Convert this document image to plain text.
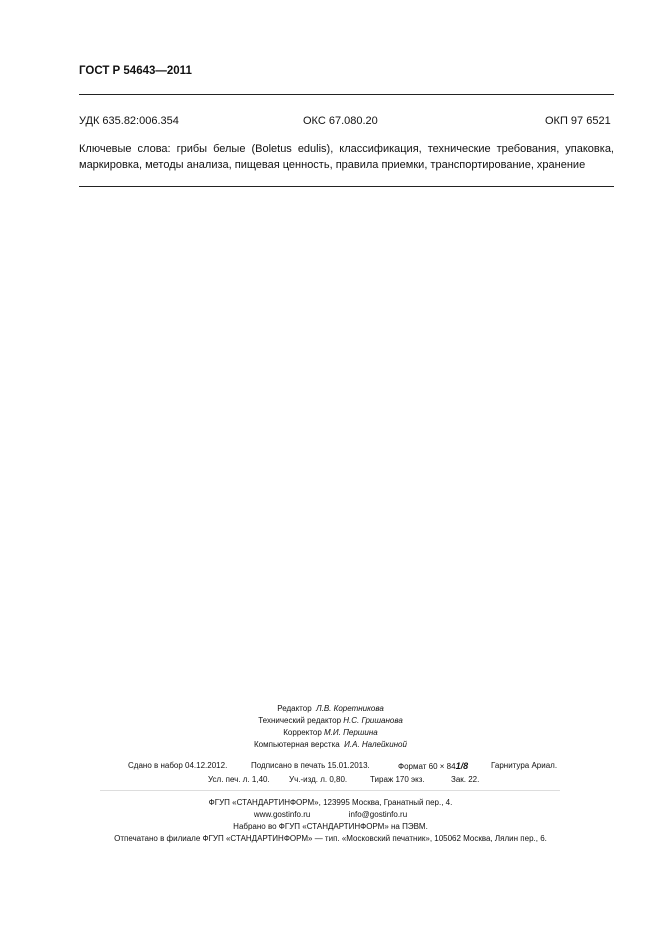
ГОСТ Р 54643—2011
УДК 635.82:006.354	ОКС 67.080.20	ОКП 97 6521
Ключевые слова: грибы белые (Boletus edulis), классификация, технические требования, упаковка,
маркировка, методы анализа, пищевая ценность, правила приемки, транспортирование, хранение
Редактор Л.В. Коретникова
Технический редактор Н.С. Гришанова
Корректор М.И. Першина
Компьютерная верстка И.А. Налейкиной
Сдано в набор 04.12.2012.	Подписано в печать 15.01.2013.	Формат 60 × 841/8	Гарнитура Ариал.
Усл. печ. л. 1,40. Уч.-изд. л. 0,80.	Тираж 170 экз.	Зак. 22.
ФГУП «СТАНДАРТИНФОРМ», 123995 Москва, Гранатный пер., 4.
www.gostinfo.ru	info@gostinfo.ru
Набрано во ФГУП «СТАНДАРТИНФОРМ» на ПЭВМ.
Отпечатано в филиале ФГУП «СТАНДАРТИНФОРМ» — тип. «Московский печатник», 105062 Москва, Лялин пер., 6.
